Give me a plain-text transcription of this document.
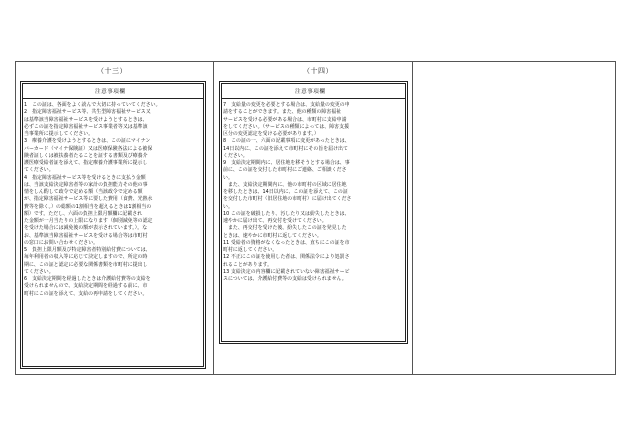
（十三）
注意事項欄
1　この証は、各面をよく読んで大切に持っていてください。
2　指定障害福祉サービス等、共生型障害福祉サービス又
は基準該当障害福祉サービスを受けようとするときは、
必ずこの証を指定障害福祉サービス事業者等又は基準該
当事業所に提示してください。
3　療養介護を受けようとするときは、この証にマイナン
バーカード（マイナ保険証）又は医療保険各法による被保
険者証しくは被扶養者たることを証する書類及び療養介
護医療受給者証を添えて、指定療養介護事業所に提示し
てください。
4　指定障害福祉サービス等を受けるときに支払う金額
は、当該支給決定障害者等の家計の負担能力その他の事
情をしん酌して政令で定める額（当該政令で定める額
が、指定障害福祉サービス等に要した費用（食費、光熱水
費等を除く。）の総額の1割相当を超えるときは1割相当の
額）です。ただし、六面の負担上限月額欄に記載され
た金額が一月当たりの上限になります（個別減免等の認定
を受けた場合には減免後の額が表示されています。）。な
お、基準該当障害福祉サービスを受ける場合等は市町村
の窓口にお問い合わせください。
5　負担上限月額及び特定障害者特別給付費については、
毎年利用者の収入等に応じて決定しますので、所定の時
期に、この証と認定に必要な関係書類を市町村に提出し
てください。
6　支給決定期間を経過したときは介護給付費等の支給を
受けられませんので、支給決定期間を経過する前に、市
町村にこの証を添えて、支給の再申請をしてください。
（十四）
注意事項欄
7　支給量の変更を必要とする場合は、支給量の変更の申
請をすることができます。また、他の種類の障害福祉
サービスを受ける必要がある場合は、市町村に支給申請
をしてください。（サービスの種類によっては、障害支援
区分の変更認定を受ける必要があります。）
8　この証の一、六面の記載事項に変更があったときは、
14日以内に、この証を添えて市町村にその旨を届け出て
ください。
9　支給決定期間内に、居住地を移そうとする場合は、事
前に、この証を交付した市町村にご連絡、ご相談くださ
い。
　また、支給決定期間内に、他の市町村の区域に居住地
を移したときは、14日以内に、この証を添えて、この証
を交付した市町村（旧居住地の市町村）に届け出てくださ
い。
10 この証を破損したり、汚したり又は紛失したときは、
速やかに届け出て、再交付を受けてください。
　また、再交付を受けた後、紛失したこの証を発見した
ときは、速やかに市町村に返してください。
11 受給者の資格がなくなったときは、直ちにこの証を市
町村に返してください。
12 不正にこの証を使用した者は、関係法令により処罰さ
れることがあります。
13 支給決定の内容欄に記載されていない障害福祉サービ
スについては、介護給付費等の支給は受けられません。
